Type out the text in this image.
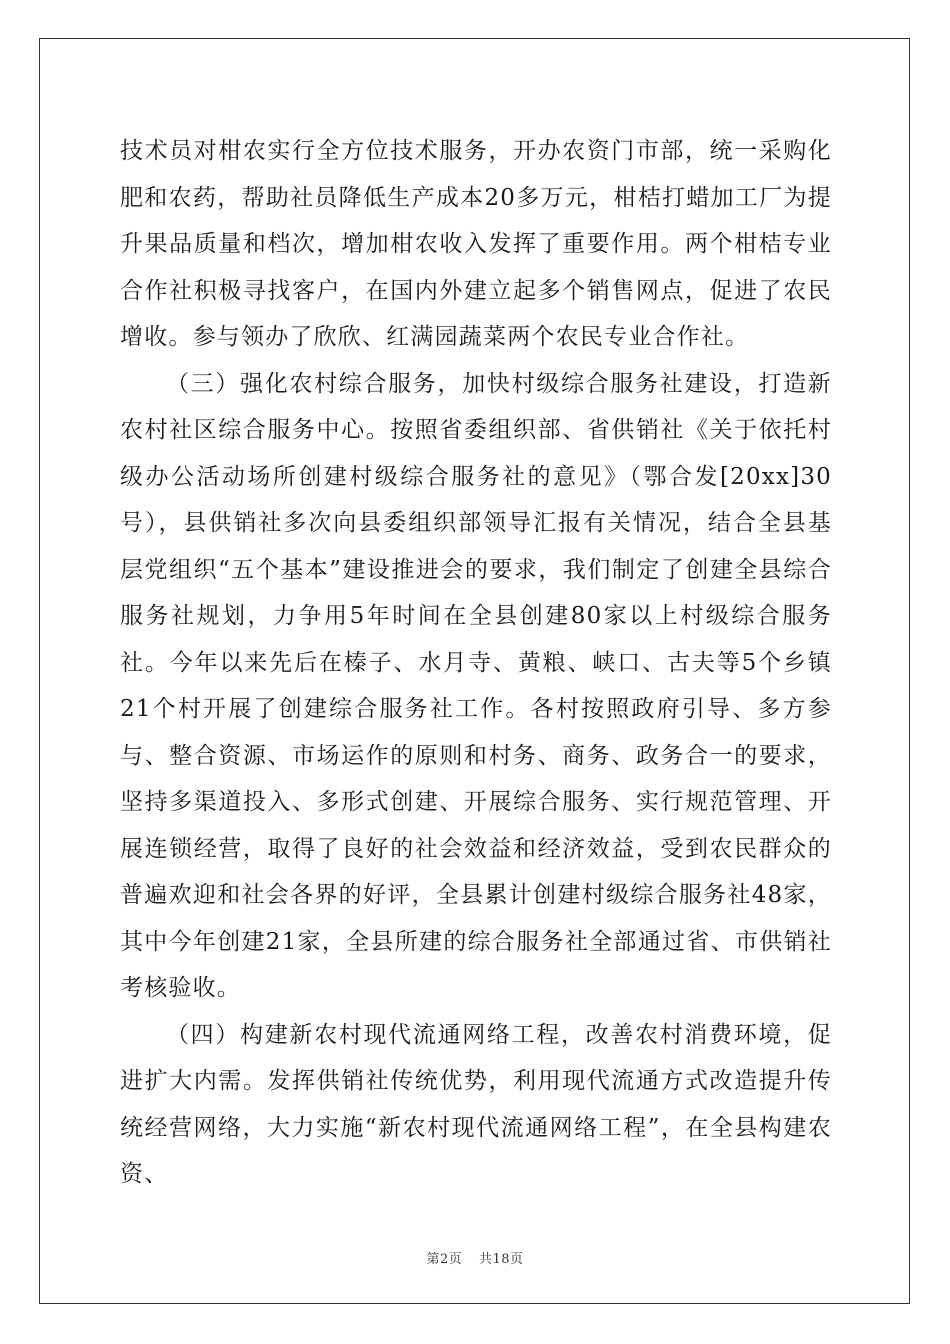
技术员对柑农实行全方位技术服务，开办农资门市部，统一采购化肥和农药，帮助社员降低生产成本20多万元，柑桔打蜡加工厂为提升果品质量和档次，增加柑农收入发挥了重要作用。两个柑桔专业合作社积极寻找客户，在国内外建立起多个销售网点，促进了农民增收。参与领办了欣欣、红满园蔬菜两个农民专业合作社。

（三）强化农村综合服务，加快村级综合服务社建设，打造新农村社区综合服务中心。按照省委组织部、省供销社《关于依托村级办公活动场所创建村级综合服务社的意见》（鄂合发[20xx]30号），县供销社多次向县委组织部领导汇报有关情况，结合全县基层党组织“五个基本”建设推进会的要求，我们制定了创建全县综合服务社规划，力争用5年时间在全县创建80家以上村级综合服务社。今年以来先后在榛子、水月寺、黄粮、峡口、古夫等5个乡镇21个村开展了创建综合服务社工作。各村按照政府引导、多方参与、整合资源、市场运作的原则和村务、商务、政务合一的要求，坚持多渠道投入、多形式创建、开展综合服务、实行规范管理、开展连锁经营，取得了良好的社会效益和经济效益，受到农民群众的普遍欢迎和社会各界的好评，全县累计创建村级综合服务社48家，其中今年创建21家，全县所建的综合服务社全部通过省、市供销社考核验收。

（四）构建新农村现代流通网络工程，改善农村消费环境，促进扩大内需。发挥供销社传统优势，利用现代流通方式改造提升传统经营网络，大力实施“新农村现代流通网络工程”，在全县构建农资、

第2页 共18页
